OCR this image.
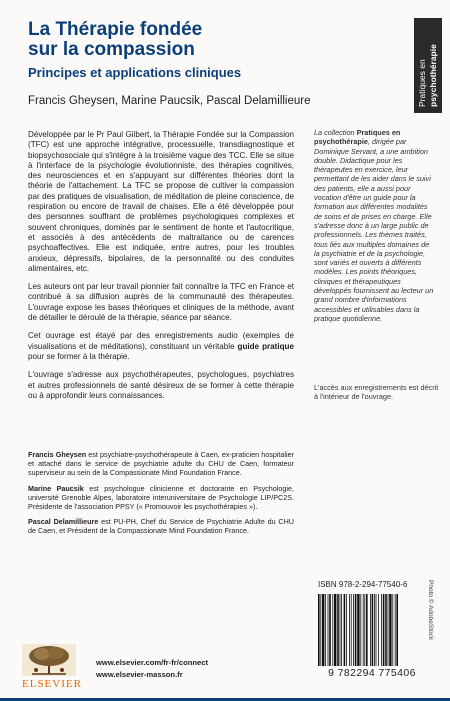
La Thérapie fondée
sur la compassion
Principes et applications cliniques
Francis Gheysen, Marine Paucsik, Pascal Delamillieure	Pratiques en
psychothérapie

Développée par le Pr Paul Gilbert, la Thérapie Fondée sur la Compassion (TFC) est une approche intégrative, processuelle, transdiagnostique et biopsychosociale qui s'intègre à la troisième vague des TCC. Elle se situe à l'interface de la psychologie évolutionniste, des thérapies cognitives, des neurosciences et en s'appuyant sur différentes théories dont la théorie de l'attachement. La TFC se propose de cultiver la compassion par des pratiques de visualisation, de méditation de pleine conscience, de respiration ou encore de travail de chaises. Elle a été développée pour des personnes souffrant de problèmes psychologiques complexes et souvent chroniques, dominés par le sentiment de honte et l'autocritique, et associés à des antécédents de maltraitance ou de carences psychoaffectives. Elle est indiquée, entre autres, pour les troubles anxieux, dépressifs, bipolaires, de la personnalité ou des conduites alimentaires, etc.

Les auteurs ont par leur travail pionnier fait connaître la TFC en France et contribué à sa diffusion auprès de la communauté des thérapeutes. L'ouvrage expose les bases théoriques et cliniques de la méthode, avant de détailler le déroulé de la thérapie, séance par séance.

Cet ouvrage est étayé par des enregistrements audio (exemples de visualisations et de méditations), constituant un véritable guide pratique pour se former à la thérapie.

L'ouvrage s'adresse aux psychothérapeutes, psychologues, psychiatres et autres professionnels de santé désireux de se former à cette thérapie ou à approfondir leurs connaissances.

Francis Gheysen est psychiatre-psychothérapeute à Caen, ex-praticien hospitalier et attaché dans le service de psychiatrie adulte du CHU de Caen, formateur superviseur au sein de la Compassionate Mind Foundation France.

Marine Paucsik est psychologue clinicienne et doctorante en Psychologie, université Grenoble Alpes, laboratoire interuniversitaire de Psychologie LIP/PC2S. Présidente de l'association PPSY (« Promouvoir les psychothérapies »).

Pascal Delamillieure est PU-PH, Chef du Service de Psychiatrie Adulte du CHU de Caen, et Président de la Compassionate Mind Foundation France.

La collection Pratiques en psychothérapie, dirigée par Dominique Servant, a une ambition double. Didactique pour les thérapeutes en exercice, leur permettant de les aider dans le suivi des patients, elle a aussi pour vocation d'être un guide pour la formation aux différentes modalités de soins et de prises en charge. Elle s'adresse donc à un large public de professionnels. Les thèmes traités, tous liés aux multiples domaines de la psychiatrie et de la psychologie, sont variés et ouverts à différents modèles. Les points théoriques, cliniques et thérapeutiques développés fournissent au lecteur un grand nombre d'informations accessibles et utilisables dans la pratique quotidienne.
L'accès aux enregistrements est décrit à l'intérieur de l'ouvrage.
ISBN 978-2-294-77540-6
9 782294 775406
Photo © AdobeStock
ELSEVIER
www.elsevier.com/fr-fr/connect
www.elsevier-masson.fr
